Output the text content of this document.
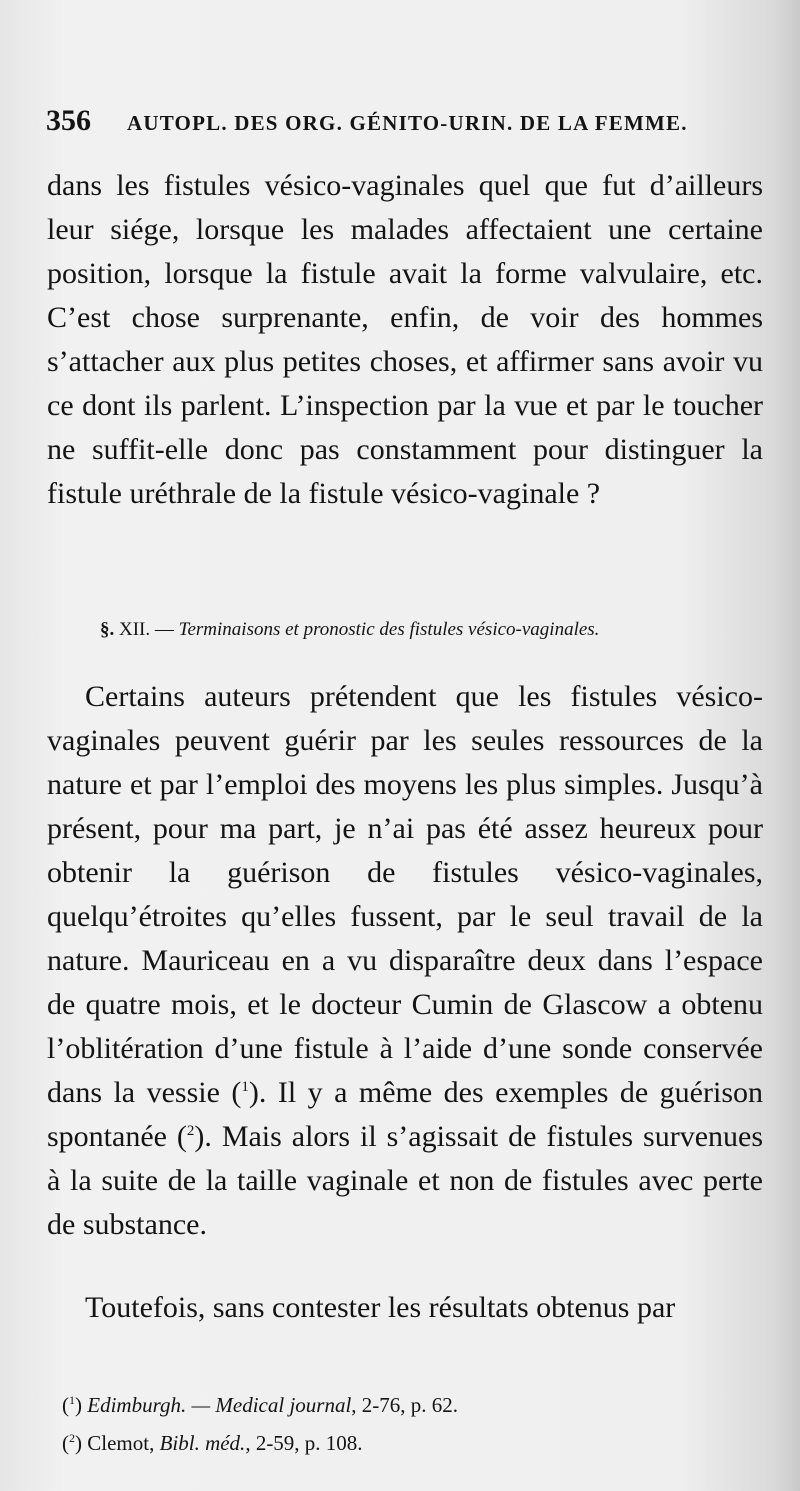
356 AUTOPL. DES ORG. GÉNITO-URIN. DE LA FEMME.

dans les fistules vésico-vaginales quel que fut d’ailleurs leur siége, lorsque les malades affectaient une certaine position, lorsque la fistule avait la forme valvulaire, etc. C’est chose surprenante, enfin, de voir des hommes s’attacher aux plus petites choses, et affirmer sans avoir vu ce dont ils parlent. L’inspection par la vue et par le toucher ne suffit-elle donc pas constamment pour distinguer la fistule uréthrale de la fistule vésico-vaginale ?

§. XII. — Terminaisons et pronostic des fistules vésico-vaginales.

Certains auteurs prétendent que les fistules vésico-vaginales peuvent guérir par les seules ressources de la nature et par l’emploi des moyens les plus simples. Jusqu’à présent, pour ma part, je n’ai pas été assez heureux pour obtenir la guérison de fistules vésico-vaginales, quelqu’étroites qu’elles fussent, par le seul travail de la nature. Mauriceau en a vu disparaître deux dans l’espace de quatre mois, et le docteur Cumin de Glascow a obtenu l’oblitération d’une fistule à l’aide d’une sonde conservée dans la vessie ($^1$). Il y a même des exemples de guérison spontanée ($^2$). Mais alors il s’agissait de fistules survenues à la suite de la taille vaginale et non de fistules avec perte de substance.

Toutefois, sans contester les résultats obtenus par

($^1$) Edimburgh. — Medical journal, 2-76, p. 62.

($^2$) Clemot, Bibl. méd., 2-59, p. 108.
